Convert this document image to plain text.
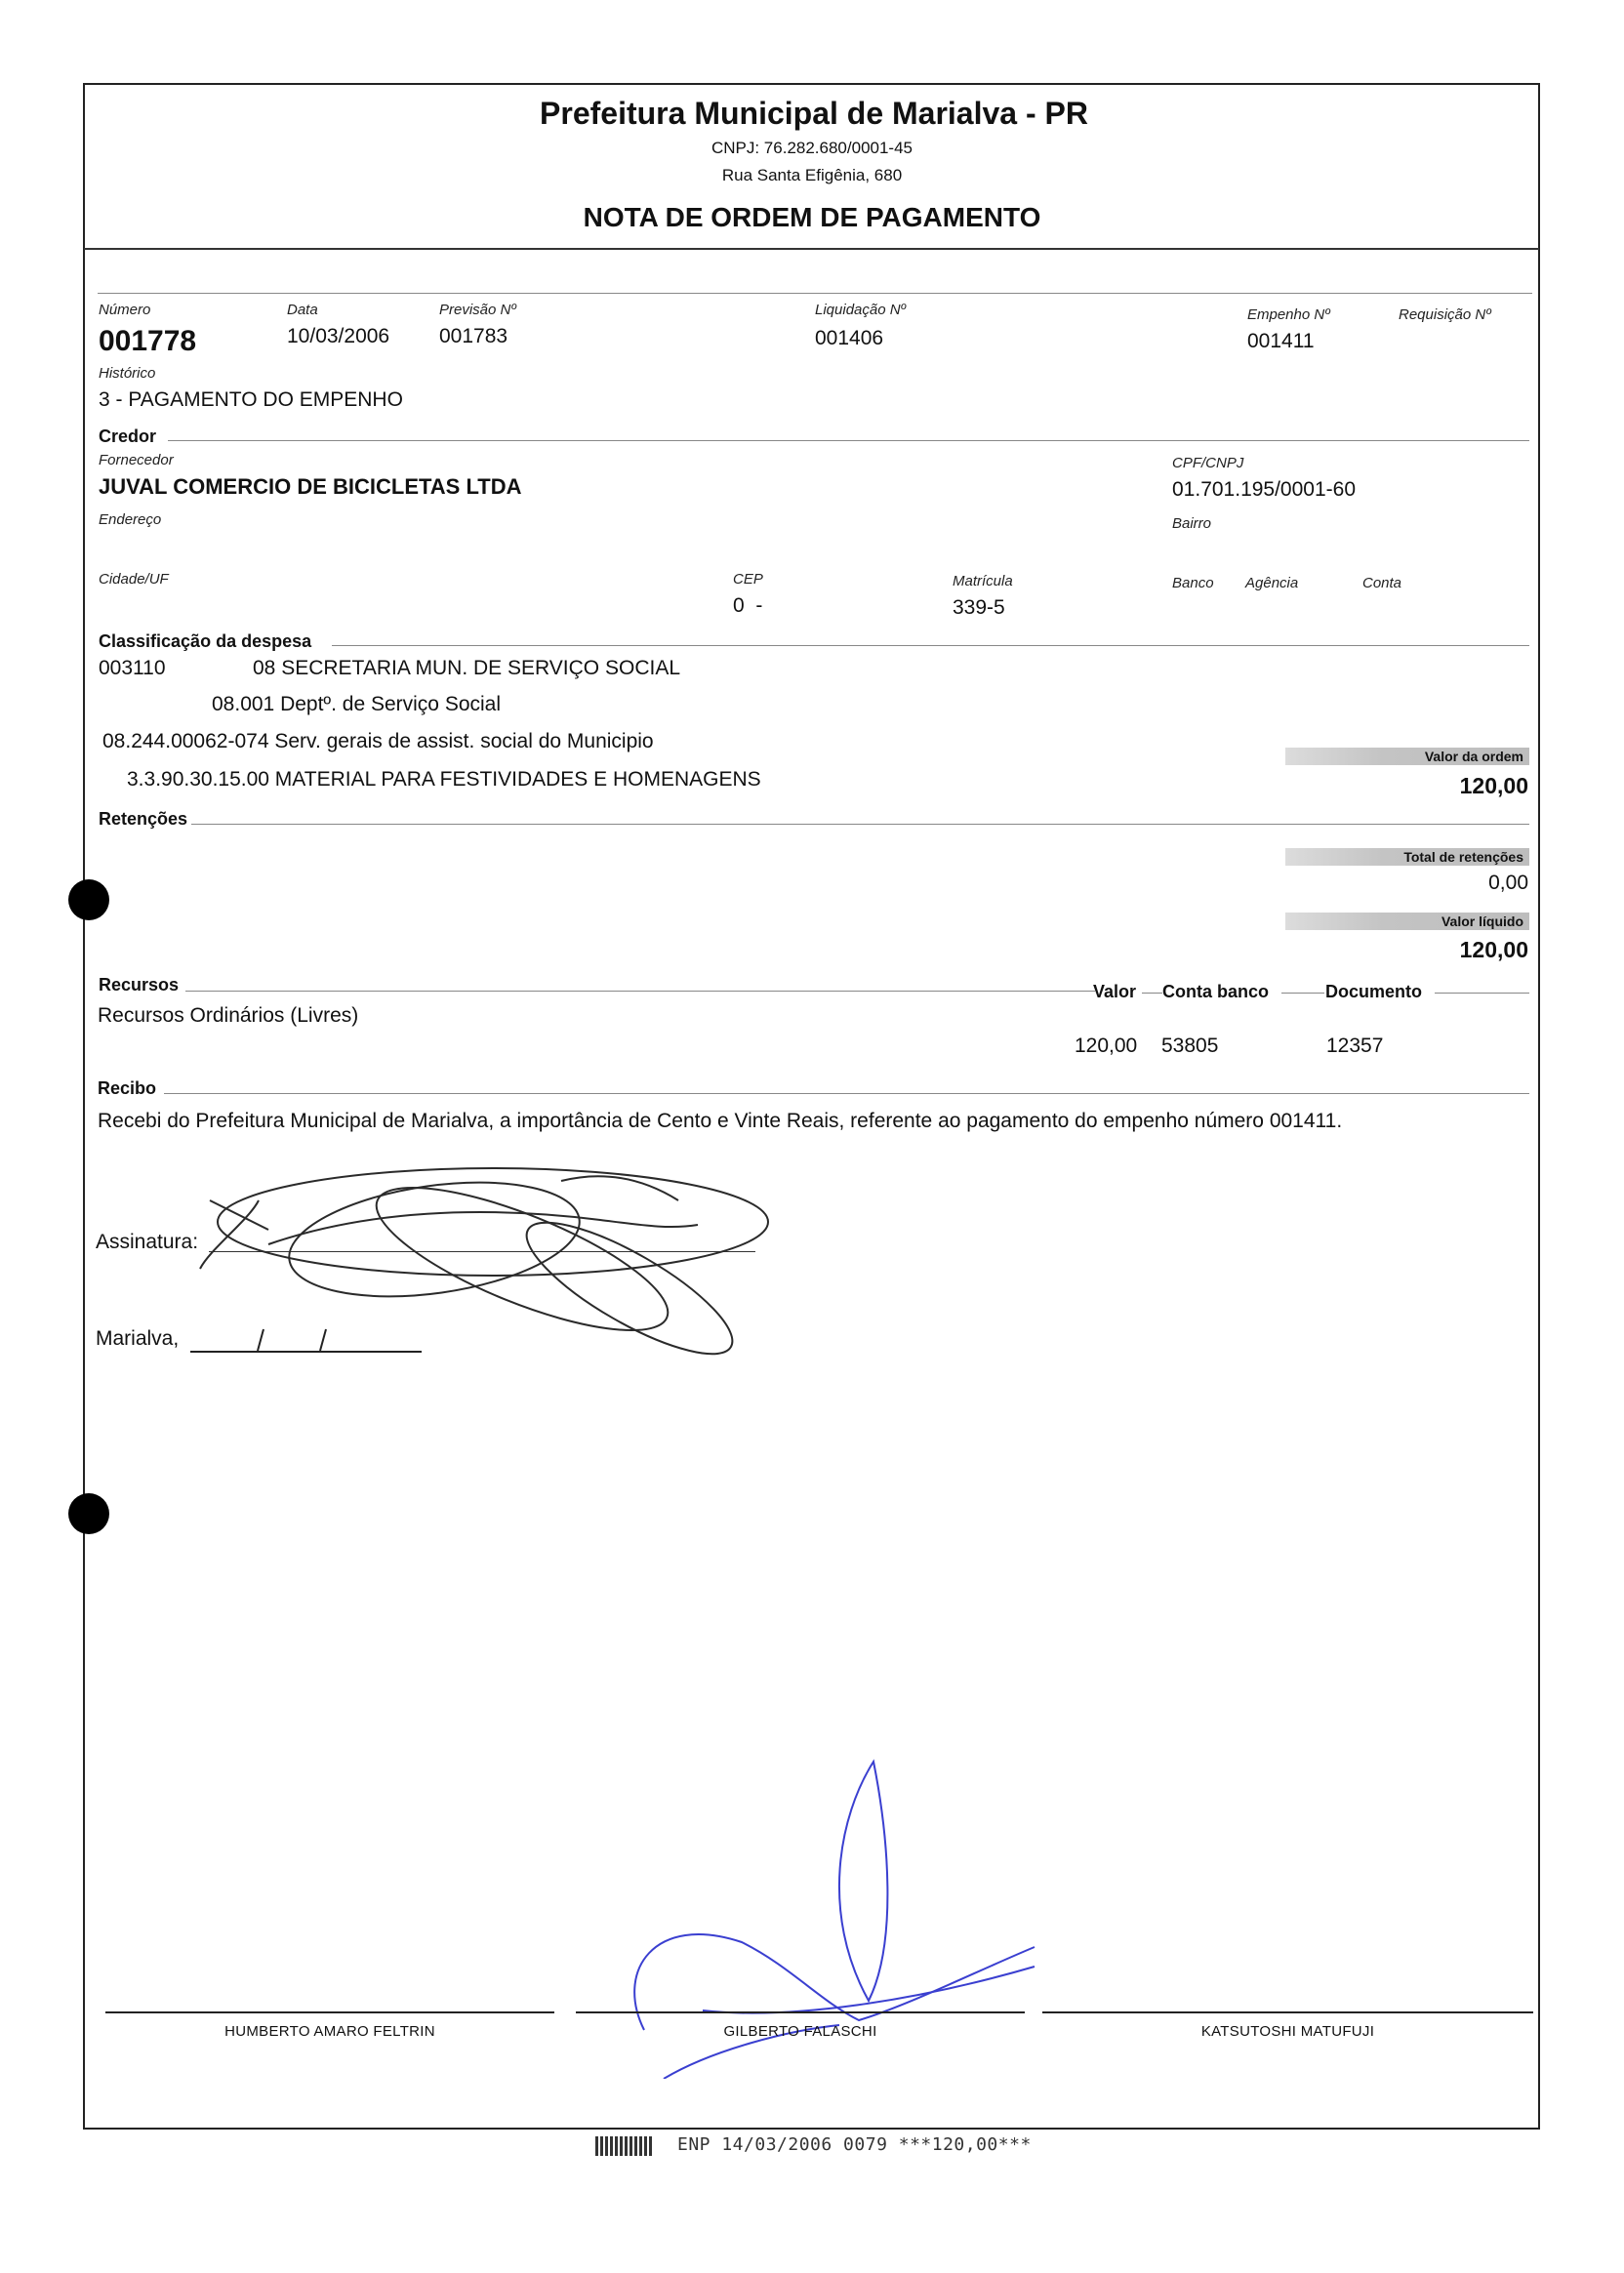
Prefeitura Municipal de Marialva - PR
CNPJ: 76.282.680/0001-45
Rua Santa Efigênia, 680
NOTA DE ORDEM DE PAGAMENTO
Número
001778
Data
10/03/2006
Previsão Nº
001783
Liquidação Nº
001406
Empenho Nº
001411
Requisição Nº
Histórico
3 - PAGAMENTO DO EMPENHO
Credor
Fornecedor
JUVAL COMERCIO DE BICICLETAS LTDA
CPF/CNPJ
01.701.195/0001-60
Endereço	Bairro
Cidade/UF	CEP
0  -
Matrícula
339-5
Banco Agência	Conta
Classificação da despesa
003110	08 SECRETARIA MUN. DE SERVIÇO SOCIAL
08.001 Deptº. de Serviço Social
08.244.00062-074 Serv. gerais de assist. social do Municipio
3.3.90.30.15.00 MATERIAL PARA FESTIVIDADES E HOMENAGENS
Valor da ordem
120,00
Retenções
Total de retenções
0,00
Valor líquido
120,00
Recursos	Valor Conta banco	Documento
Recursos Ordinários (Livres)
120,00 53805	12357
Recibo
Recebi do Prefeitura Municipal de Marialva, a importância de Cento e Vinte Reais, referente ao pagamento do empenho número 001411.
Assinatura:
Marialva,
HUMBERTO AMARO FELTRIN	GILBERTO FALASCHI	KATSUTOSHI MATUFUJI
ENP 14/03/2006 0079 ***120,00***
